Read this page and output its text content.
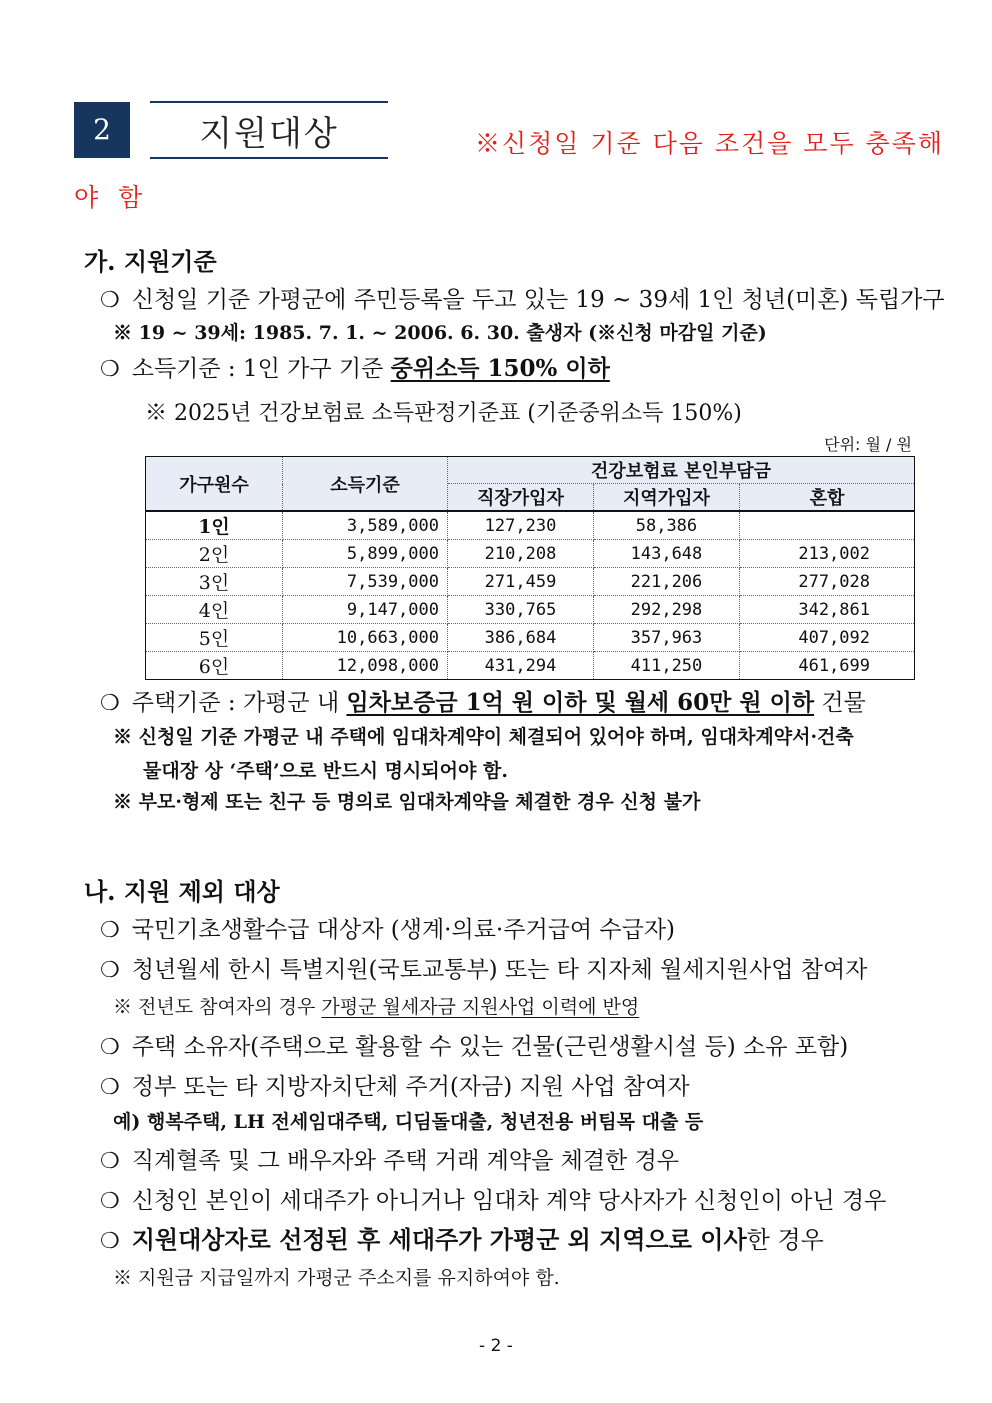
2	지원대상	※신청일 기준 다음 조건을 모두 충족해
야 함
가. 지원기준
❍ 신청일 기준 가평군에 주민등록을 두고 있는 19 ~ 39세 1인 청년(미혼) 독립가구
※ 19 ~ 39세: 1985. 7. 1. ~ 2006. 6. 30. 출생자 (※신청 마감일 기준)
❍ 소득기준 : 1인 가구 기준 중위소득 150% 이하
※ 2025년 건강보험료 소득판정기준표 (기준중위소득 150%)
단위: 월 / 원
가구원수	소득기준	건강보험료 본인부담금		
		직장가입자	지역가입자	혼합
1인	3,589,000	127,230	58,386	
2인	5,899,000	210,208	143,648	213,002
3인	7,539,000	271,459	221,206	277,028
4인	9,147,000	330,765	292,298	342,861
5인	10,663,000	386,684	357,963	407,092
6인	12,098,000	431,294	411,250	461,699
❍ 주택기준 : 가평군 내 임차보증금 1억 원 이하 및 월세 60만 원 이하 건물
※ 신청일 기준 가평군 내 주택에 임대차계약이 체결되어 있어야 하며, 임대차계약서·건축
물대장 상 ‘주택’으로 반드시 명시되어야 함.
※ 부모·형제 또는 친구 등 명의로 임대차계약을 체결한 경우 신청 불가
나. 지원 제외 대상
❍ 국민기초생활수급 대상자 (생계·의료·주거급여 수급자)
❍ 청년월세 한시 특별지원(국토교통부) 또는 타 지자체 월세지원사업 참여자
※ 전년도 참여자의 경우 가평군 월세자금 지원사업 이력에 반영
❍ 주택 소유자(주택으로 활용할 수 있는 건물(근린생활시설 등) 소유 포함)
❍ 정부 또는 타 지방자치단체 주거(자금) 지원 사업 참여자
예) 행복주택, LH 전세임대주택, 디딤돌대출, 청년전용 버팀목 대출 등
❍ 직계혈족 및 그 배우자와 주택 거래 계약을 체결한 경우
❍ 신청인 본인이 세대주가 아니거나 임대차 계약 당사자가 신청인이 아닌 경우
❍ 지원대상자로 선정된 후 세대주가 가평군 외 지역으로 이사한 경우
※ 지원금 지급일까지 가평군 주소지를 유지하여야 함.
- 2 -
